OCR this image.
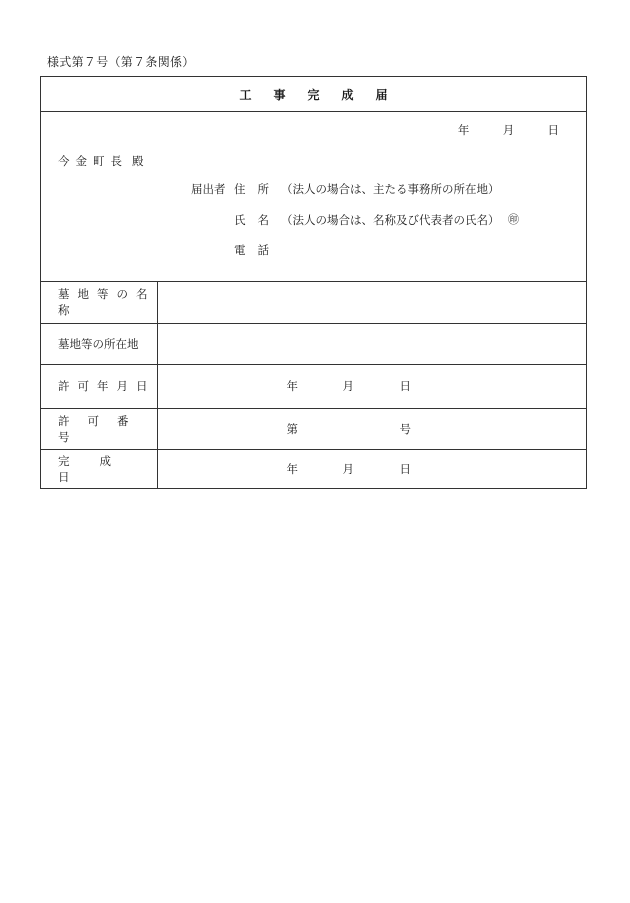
様式第７号（第７条関係）
工事完成届
年	月	日
今金町長 殿
届出者 住所 （法人の場合は、主たる事務所の所在地）
氏名 （法人の場合は、名称及び代表者の氏名） ㊞
電話
墓地等の名称	
墓地等の所在地	
許可年月日	年 月 日

許可番号	第 号

完成日	年 月 日
